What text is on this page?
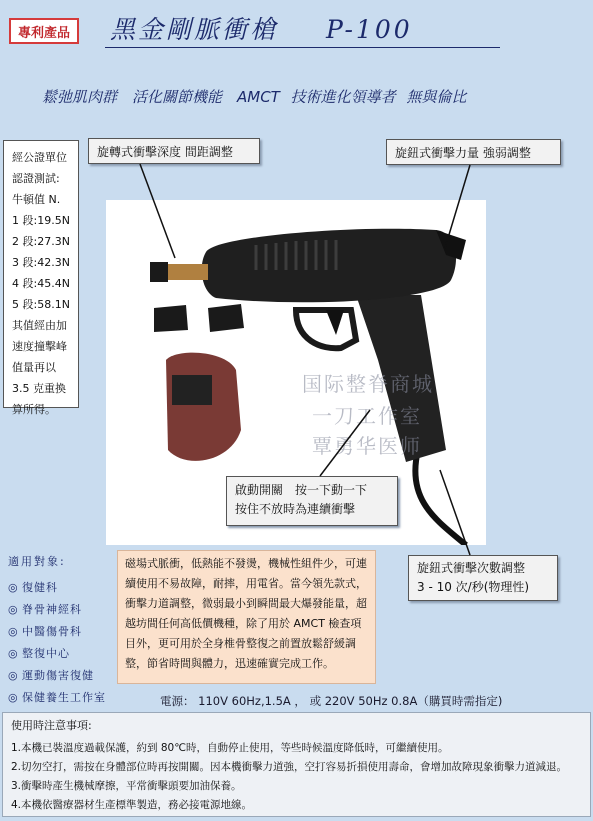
專利產品	黑金剛脈衝槍 P-100
鬆弛肌肉群　活化關節機能　AMCT 技術進化領導者 無與倫比
經公證單位
認證測試:
牛頓值 N.
1 段:19.5N
2 段:27.3N
3 段:42.3N
4 段:45.4N
5 段:58.1N
其值經由加
速度撞擊峰
值量再以
3.5 克重換
算所得。
国际整脊商城
一刀工作室
覃勇华医师
旋轉式衝擊深度 間距調整	旋鈕式衝擊力量 強弱調整
啟動開關　按一下動一下
按住不放時為連續衝擊
旋鈕式衝擊次數調整
3 - 10 次/秒(物理性)
適用對象:
◎ 復健科
◎ 脊骨神經科
◎ 中醫傷骨科
◎ 整復中心
◎ 運動傷害復健
◎ 保健養生工作室
磁場式脈衝，低熱能不發燙，機械性組件少，可連續使用不易故障，耐摔，用電省。當今領先款式，衝擊力道調整，微弱最小到瞬間最大爆發能量，超越坊間任何高低價機種，除了用於 AMCT 檢查項目外，更可用於全身椎骨整復之前置放鬆舒緩調整，節省時間與體力，迅速確實完成工作。
電源： 110V 60Hz,1.5A ， 或 220V 50Hz 0.8A（購買時需指定)
使用時注意事項:
1.本機已裝溫度過載保護，約到 80℃時，自動停止使用，等些時候溫度降低時，可繼續使用。
2.切勿空打，需按在身體部位時再按開關。因本機衝擊力道強，空打容易折損使用壽命，會增加故障現象衝擊力道減退。
3.衝擊時產生機械摩擦，平常衝擊頭要加油保養。
4.本機依醫療器材生產標準製造，務必接電源地線。
